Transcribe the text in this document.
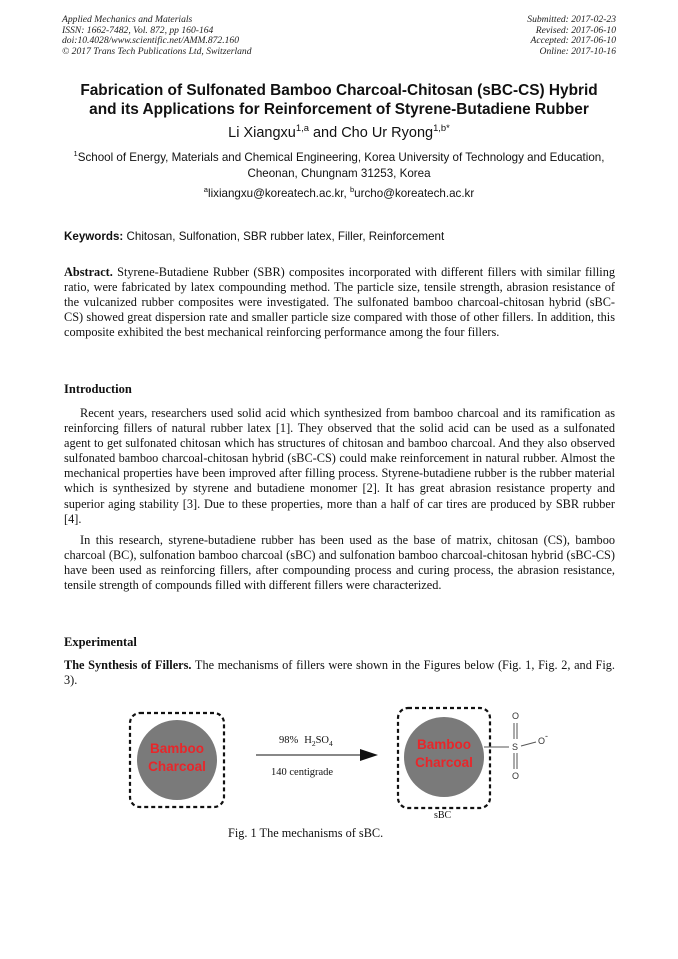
Applied Mechanics and Materials
ISSN: 1662-7482, Vol. 872, pp 160-164
doi:10.4028/www.scientific.net/AMM.872.160
© 2017 Trans Tech Publications Ltd, Switzerland
Submitted: 2017-02-23
Revised: 2017-06-10
Accepted: 2017-06-10
Online: 2017-10-16
Fabrication of Sulfonated Bamboo Charcoal-Chitosan (sBC-CS) Hybrid
and its Applications for Reinforcement of Styrene-Butadiene Rubber
Li Xiangxu$^{1,a}$ and Cho Ur Ryong$^{1,b*}$
$^1$School of Energy, Materials and Chemical Engineering, Korea University of Technology and Education, Cheonan, Chungnam 31253, Korea
$^a$lixiangxu@koreatech.ac.kr, $^b$urcho@koreatech.ac.kr
Keywords: Chitosan, Sulfonation, SBR rubber latex, Filler, Reinforcement
Abstract. Styrene-Butadiene Rubber (SBR) composites incorporated with different fillers with similar filling ratio, were fabricated by latex compounding method. The particle size, tensile strength, abrasion resistance of the vulcanized rubber composites were investigated. The sulfonated bamboo charcoal-chitosan hybrid (sBC-CS) showed great dispersion rate and smaller particle size compared with those of other fillers. In addition, this composite exhibited the best mechanical reinforcing performance among the four fillers.
Introduction
Recent years, researchers used solid acid which synthesized from bamboo charcoal and its ramification as reinforcing fillers of natural rubber latex [1]. They observed that the solid acid can be used as a sulfonated agent to get sulfonated chitosan which has structures of chitosan and bamboo charcoal. And they also observed sulfonated bamboo charcoal-chitosan hybrid (sBC-CS) could make reinforcement in natural rubber. Almost the mechanical properties have been improved after filling process. Styrene-butadiene rubber is the rubber material which is synthesized by styrene and butadiene monomer [2]. It has great abrasion resistance property and superior aging stability [3]. Due to these properties, more than a half of car tires are produced by SBR rubber [4].
In this research, styrene-butadiene rubber has been used as the base of matrix, chitosan (CS), bamboo charcoal (BC), sulfonation bamboo charcoal (sBC) and sulfonation bamboo charcoal-chitosan hybrid (sBC-CS) have been used as reinforcing fillers, after compounding process and curing process, the abrasion resistance, tensile strength of compounds filled with different fillers were characterized.
Experimental
The Synthesis of Fillers. The mechanisms of fillers were shown in the Figures below (Fig. 1, Fig. 2, and Fig. 3).
Bamboo
Charcoal
98% $H_2SO_4$
140 centigrade
Bamboo
Charcoal
S
O
O
O -
sBC
Fig. 1 The mechanisms of sBC.
